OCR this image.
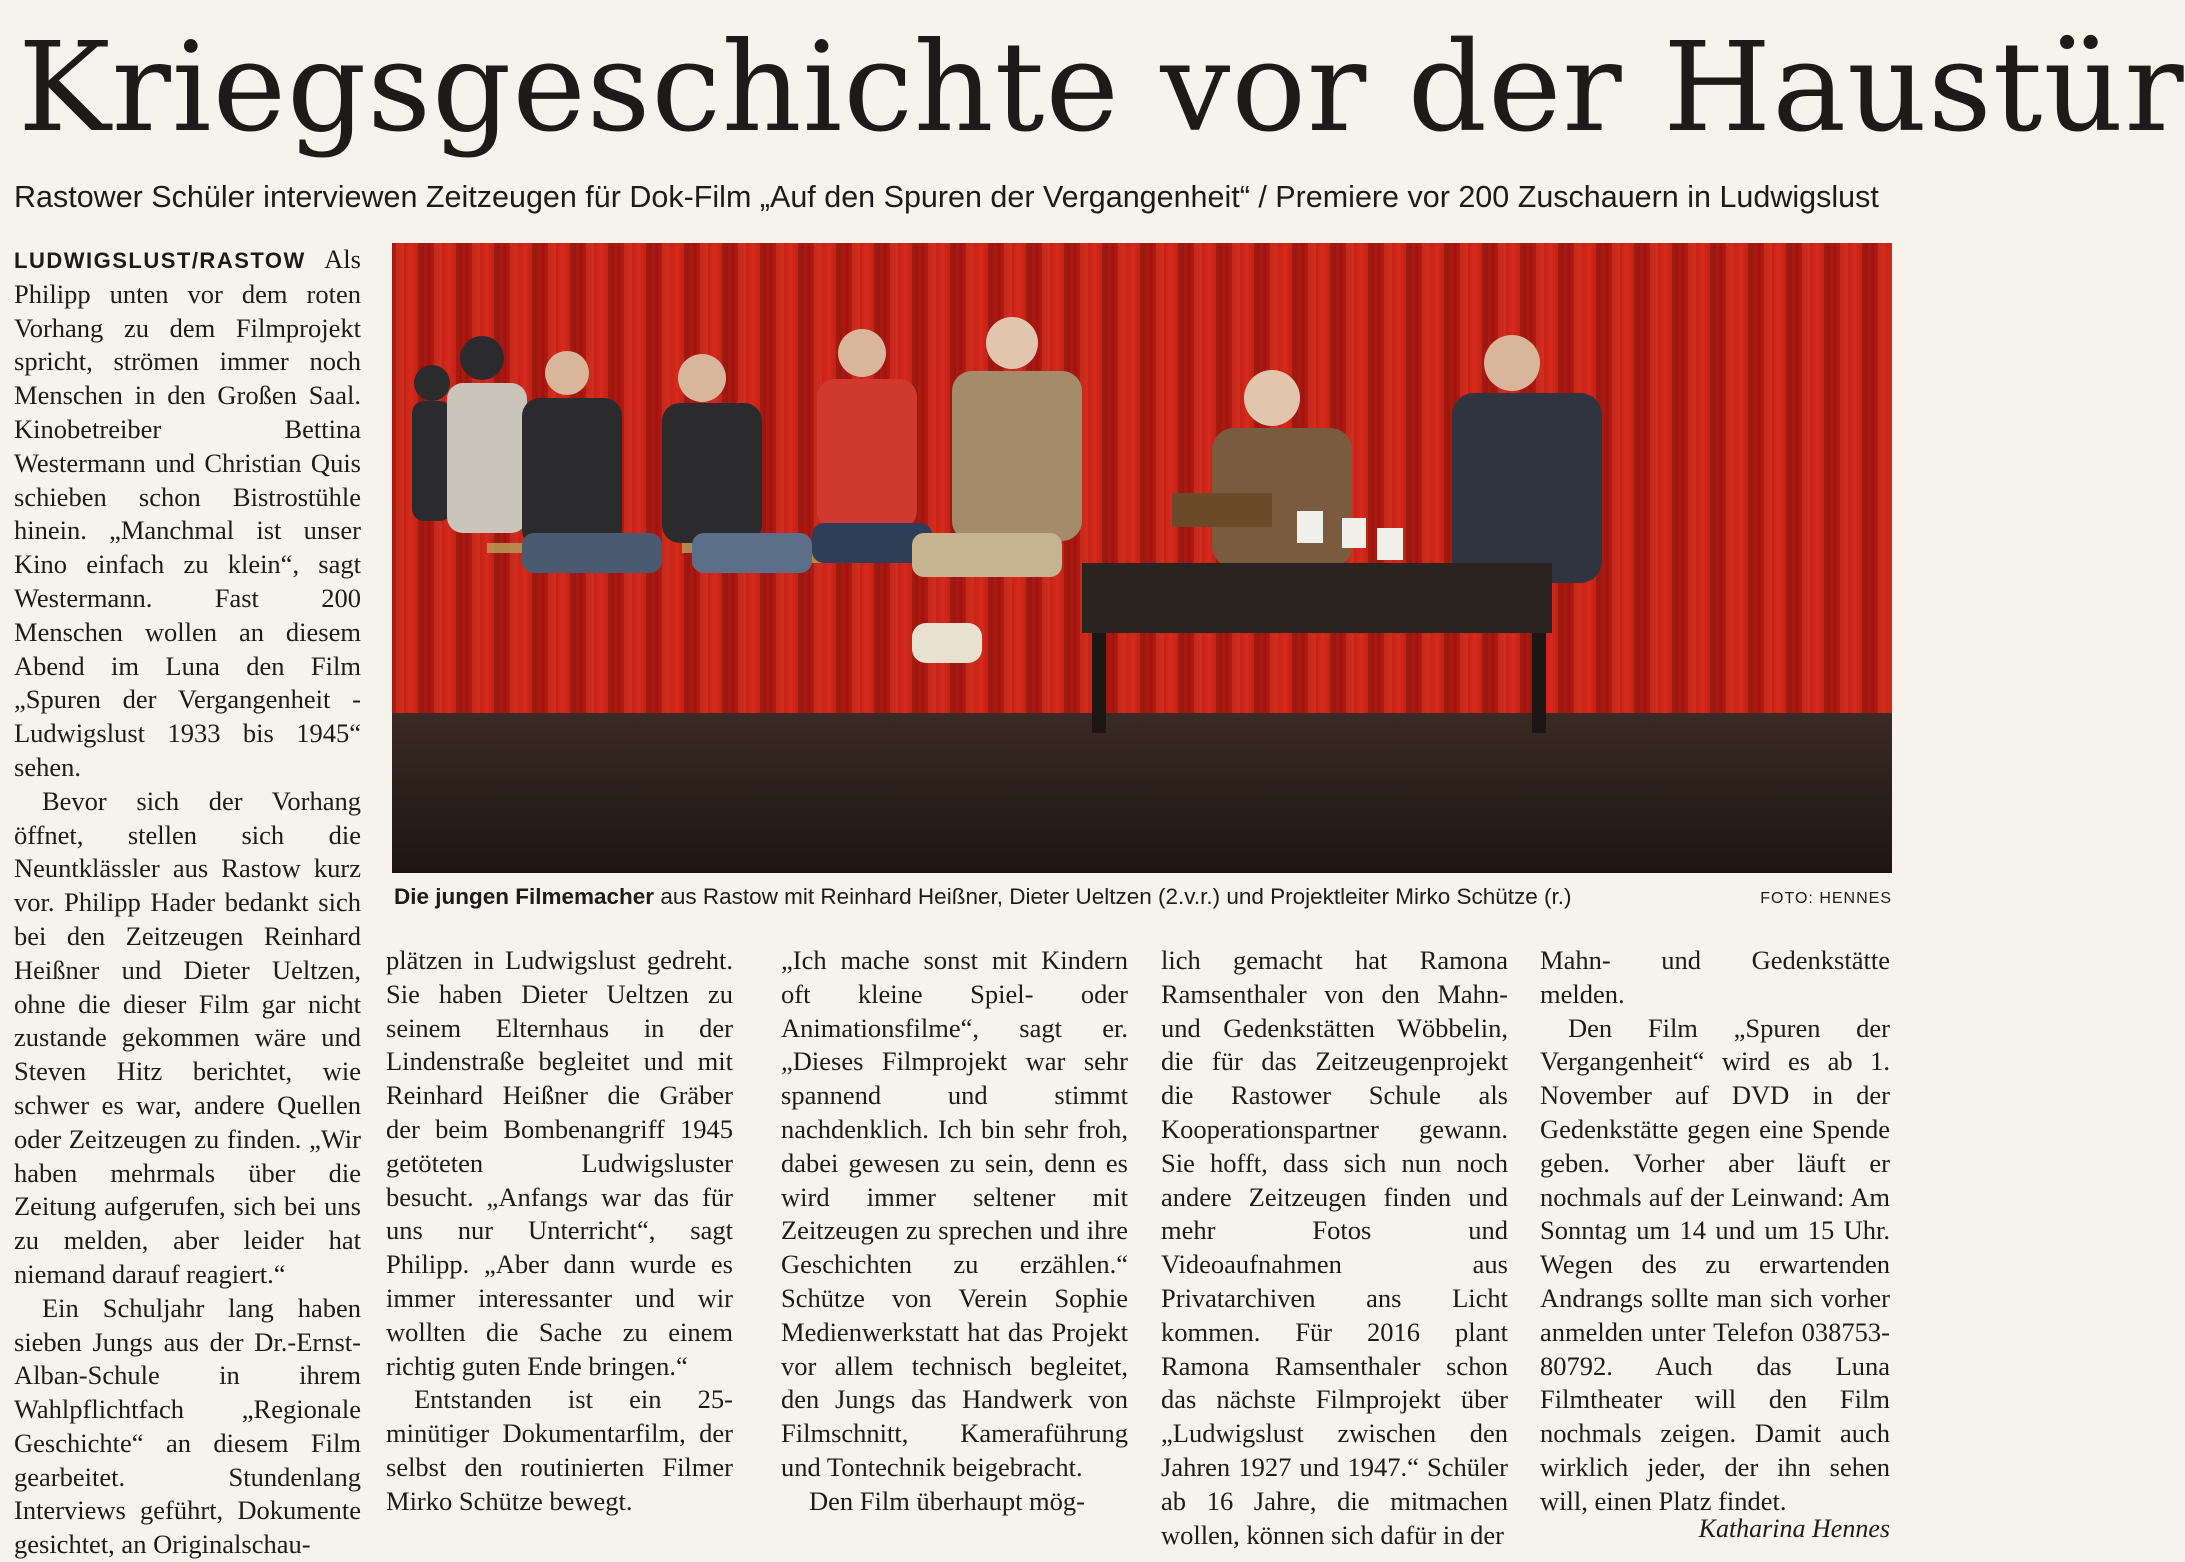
Kriegsgeschichte vor der Haustür

Rastower Schüler interviewen Zeitzeugen für Dok-Film „Auf den Spuren der Vergangenheit“ / Premiere vor 200 Zuschauern in Ludwigslust

LUDWIGSLUST/RASTOW Als Philipp unten vor dem roten Vorhang zu dem Filmprojekt spricht, strömen immer noch Menschen in den Großen Saal. Kinobetreiber Bettina Westermann und Christian Quis schieben schon Bistrostühle hinein. „Manchmal ist unser Kino einfach zu klein“, sagt Westermann. Fast 200 Menschen wollen an diesem Abend im Luna den Film „Spuren der Vergangenheit - Ludwigslust 1933 bis 1945“ sehen.

Bevor sich der Vorhang öffnet, stellen sich die Neuntklässler aus Rastow kurz vor. Philipp Hader bedankt sich bei den Zeitzeugen Reinhard Heißner und Dieter Ueltzen, ohne die dieser Film gar nicht zustande gekommen wäre und Steven Hitz berichtet, wie schwer es war, andere Quellen oder Zeitzeugen zu finden. „Wir haben mehrmals über die Zeitung aufgerufen, sich bei uns zu melden, aber leider hat niemand darauf reagiert.“

Ein Schuljahr lang haben sieben Jungs aus der Dr.-Ernst-Alban-Schule in ihrem Wahlpflichtfach „Regionale Geschichte“ an diesem Film gearbeitet. Stundenlang Interviews geführt, Dokumente gesichtet, an Originalschau-

Die jungen Filmemacher aus Rastow mit Reinhard Heißner, Dieter Ueltzen (2.v.r.) und Projektleiter Mirko Schütze (r.)	FOTO: HENNES

plätzen in Ludwigslust gedreht. Sie haben Dieter Ueltzen zu seinem Elternhaus in der Lindenstraße begleitet und mit Reinhard Heißner die Gräber der beim Bombenangriff 1945 getöteten Ludwigsluster besucht. „Anfangs war das für uns nur Unterricht“, sagt Philipp. „Aber dann wurde es immer interessanter und wir wollten die Sache zu einem richtig guten Ende bringen.“

Entstanden ist ein 25-minütiger Dokumentarfilm, der selbst den routinierten Filmer Mirko Schütze bewegt.

„Ich mache sonst mit Kindern oft kleine Spiel- oder Animationsfilme“, sagt er. „Dieses Filmprojekt war sehr spannend und stimmt nachdenklich. Ich bin sehr froh, dabei gewesen zu sein, denn es wird immer seltener mit Zeitzeugen zu sprechen und ihre Geschichten zu erzählen.“ Schütze von Verein Sophie Medienwerkstatt hat das Projekt vor allem technisch begleitet, den Jungs das Handwerk von Filmschnitt, Kameraführung und Tontechnik beigebracht.

Den Film überhaupt mög-

lich gemacht hat Ramona Ramsenthaler von den Mahn- und Gedenkstätten Wöbbelin, die für das Zeitzeugenprojekt die Rastower Schule als Kooperationspartner gewann. Sie hofft, dass sich nun noch andere Zeitzeugen finden und mehr Fotos und Videoaufnahmen aus Privatarchiven ans Licht kommen. Für 2016 plant Ramona Ramsenthaler schon das nächste Filmprojekt über „Ludwigslust zwischen den Jahren 1927 und 1947.“ Schüler ab 16 Jahre, die mitmachen wollen, können sich dafür in der

Mahn- und Gedenkstätte melden.

Den Film „Spuren der Vergangenheit“ wird es ab 1. November auf DVD in der Gedenkstätte gegen eine Spende geben. Vorher aber läuft er nochmals auf der Leinwand: Am Sonntag um 14 und um 15 Uhr. Wegen des zu erwartenden Andrangs sollte man sich vorher anmelden unter Telefon 038753-80792. Auch das Luna Filmtheater will den Film nochmals zeigen. Damit auch wirklich jeder, der ihn sehen will, einen Platz findet.

Katharina Hennes
